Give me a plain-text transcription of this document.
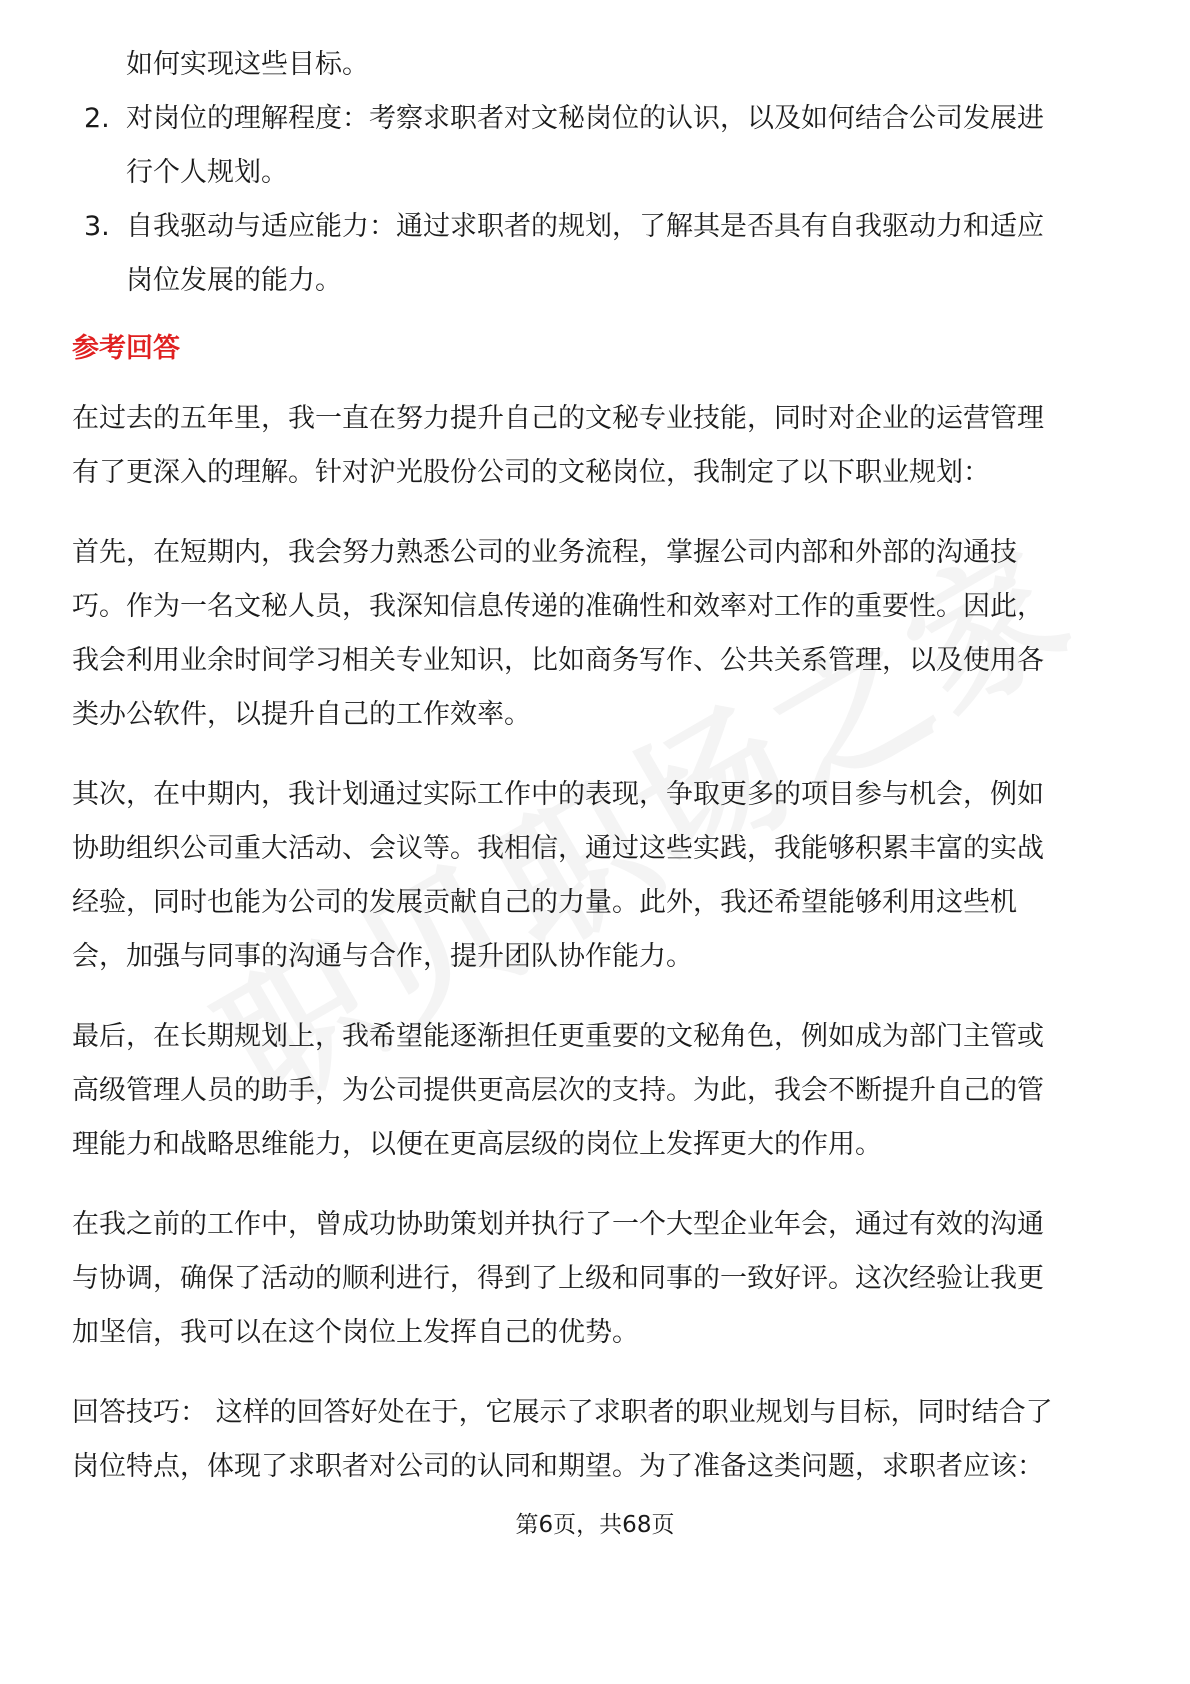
如何实现这些目标。
2. 对岗位的理解程度：考察求职者对文秘岗位的认识，以及如何结合公司发展进
行个人规划。
3. 自我驱动与适应能力：通过求职者的规划，了解其是否具有自我驱动力和适应
岗位发展的能力。
参考回答
在过去的五年里，我一直在努力提升自己的文秘专业技能，同时对企业的运营管理
有了更深入的理解。针对沪光股份公司的文秘岗位，我制定了以下职业规划：
首先，在短期内，我会努力熟悉公司的业务流程，掌握公司内部和外部的沟通技
巧。作为一名文秘人员，我深知信息传递的准确性和效率对工作的重要性。因此，
我会利用业余时间学习相关专业知识，比如商务写作、公共关系管理，以及使用各
类办公软件，以提升自己的工作效率。
其次，在中期内，我计划通过实际工作中的表现，争取更多的项目参与机会，例如
协助组织公司重大活动、会议等。我相信，通过这些实践，我能够积累丰富的实战
经验，同时也能为公司的发展贡献自己的力量。此外，我还希望能够利用这些机
会，加强与同事的沟通与合作，提升团队协作能力。
最后，在长期规划上，我希望能逐渐担任更重要的文秘角色，例如成为部门主管或
高级管理人员的助手，为公司提供更高层次的支持。为此，我会不断提升自己的管
理能力和战略思维能力，以便在更高层级的岗位上发挥更大的作用。
在我之前的工作中，曾成功协助策划并执行了一个大型企业年会，通过有效的沟通
与协调，确保了活动的顺利进行，得到了上级和同事的一致好评。这次经验让我更
加坚信，我可以在这个岗位上发挥自己的优势。
回答技巧： 这样的回答好处在于，它展示了求职者的职业规划与目标，同时结合了
岗位特点，体现了求职者对公司的认同和期望。为了准备这类问题，求职者应该：
第6页，共68页
